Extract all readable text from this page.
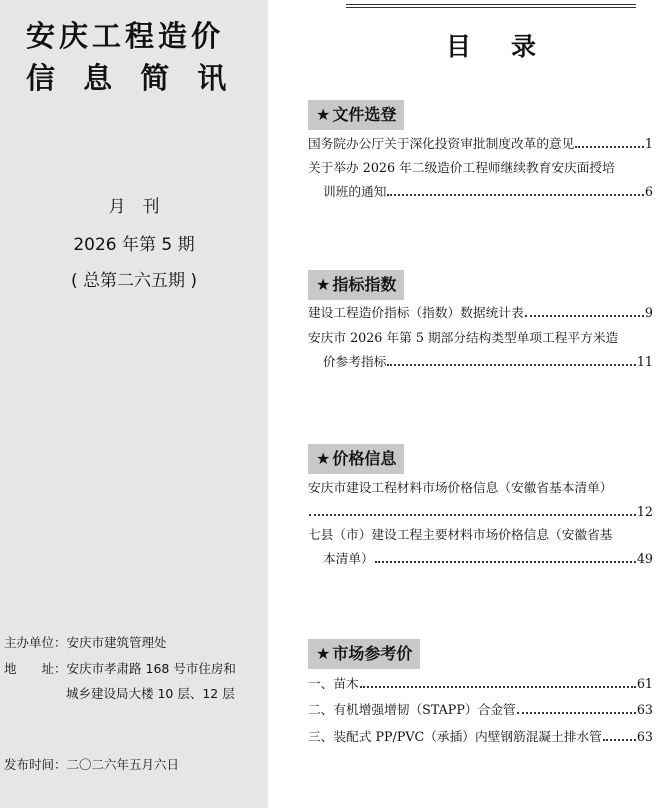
安庆工程造价
信 息 简 讯
月　刊
2026 年第 5 期
( 总第二六五期 )
主办单位：安庆市建筑管理处
地　　址：安庆市孝肃路 168 号市住房和
城乡建设局大楼 10 层、12 层
发布时间：二〇二六年五月六日
目录
★ 文件选登
国务院办公厅关于深化投资审批制度改革的意见	1
关于举办 2026 年二级造价工程师继续教育安庆面授培
训班的通知	6
★ 指标指数
建设工程造价指标（指数）数据统计表	9
安庆市 2026 年第 5 期部分结构类型单项工程平方米造
价参考指标	11
★ 价格信息
安庆市建设工程材料市场价格信息（安徽省基本清单）
12
七县（市）建设工程主要材料市场价格信息（安徽省基
本清单）	49
★ 市场参考价
一、苗木	61
二、有机增强增韧（STAPP）合金管	63
三、装配式 PP/PVC（承插）内壁钢筋混凝土排水管	63
